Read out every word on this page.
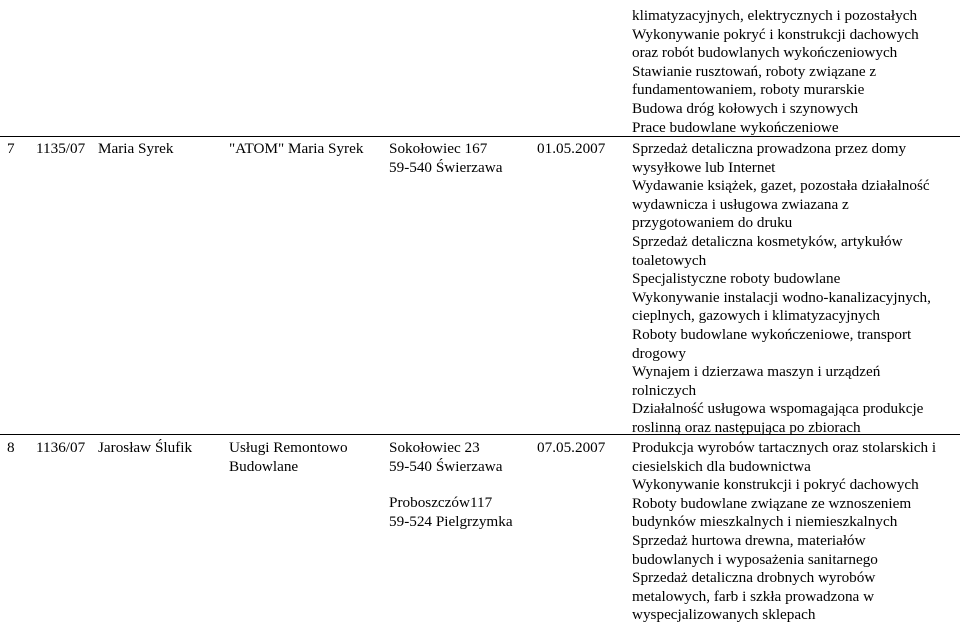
klimatyzacyjnych, elektrycznych i pozostałych
Wykonywanie pokryć i konstrukcji dachowych
oraz robót budowlanych wykończeniowych
Stawianie rusztowań, roboty związane z
fundamentowaniem, roboty murarskie
Budowa dróg kołowych i szynowych
Prace budowlane wykończeniowe
7 1135/07 Maria Syrek	"ATOM" Maria Syrek Sokołowiec 167
59-540 Świerzawa
01.05.2007 Sprzedaż detaliczna prowadzona przez domy
wysyłkowe lub Internet
Wydawanie książek, gazet, pozostała działalność
wydawnicza i usługowa zwiazana z
przygotowaniem do druku
Sprzedaż detaliczna kosmetyków, artykułów
toaletowych
Specjalistyczne roboty budowlane
Wykonywanie instalacji wodno-kanalizacyjnych,
cieplnych, gazowych i klimatyzacyjnych
Roboty budowlane wykończeniowe, transport
drogowy
Wynajem i dzierzawa maszyn i urządzeń
rolniczych
Działalność usługowa wspomagająca produkcje
roslinną oraz następująca po zbiorach
8 1136/07 Jarosław Ślufik Usługi Remontowo
Budowlane
Sokołowiec 23
59-540 Świerzawa
Proboszczów117
59-524 Pielgrzymka
07.05.2007 Produkcja wyrobów tartacznych oraz stolarskich i
ciesielskich dla budownictwa
Wykonywanie konstrukcji i pokryć dachowych
Roboty budowlane związane ze wznoszeniem
budynków mieszkalnych i niemieszkalnych
Sprzedaż hurtowa drewna, materiałów
budowlanych i wyposażenia sanitarnego
Sprzedaż detaliczna drobnych wyrobów
metalowych, farb i szkła prowadzona w
wyspecjalizowanych sklepach
